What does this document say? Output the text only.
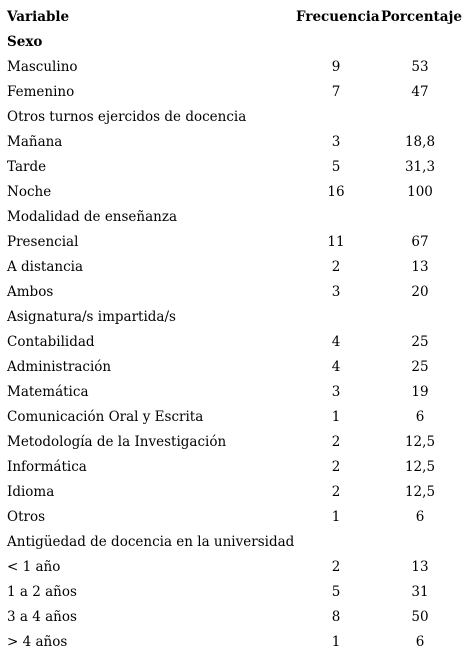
Variable	Frecuencia Porcentaje
Sexo
Masculino	9	53
Femenino	7	47
Otros turnos ejercidos de docencia
Mañana	3	18,8
Tarde	5	31,3
Noche	16	100
Modalidad de enseñanza
Presencial	11	67
A distancia	2	13
Ambos	3	20
Asignatura/s impartida/s
Contabilidad	4	25
Administración	4	25
Matemática	3	19
Comunicación Oral y Escrita	1	6
Metodología de la Investigación	2	12,5
Informática	2	12,5
Idioma	2	12,5
Otros	1	6
Antigüedad de docencia en la universidad
< 1 año	2	13
1 a 2 años	5	31
3 a 4 años	8	50
> 4 años	1	6
